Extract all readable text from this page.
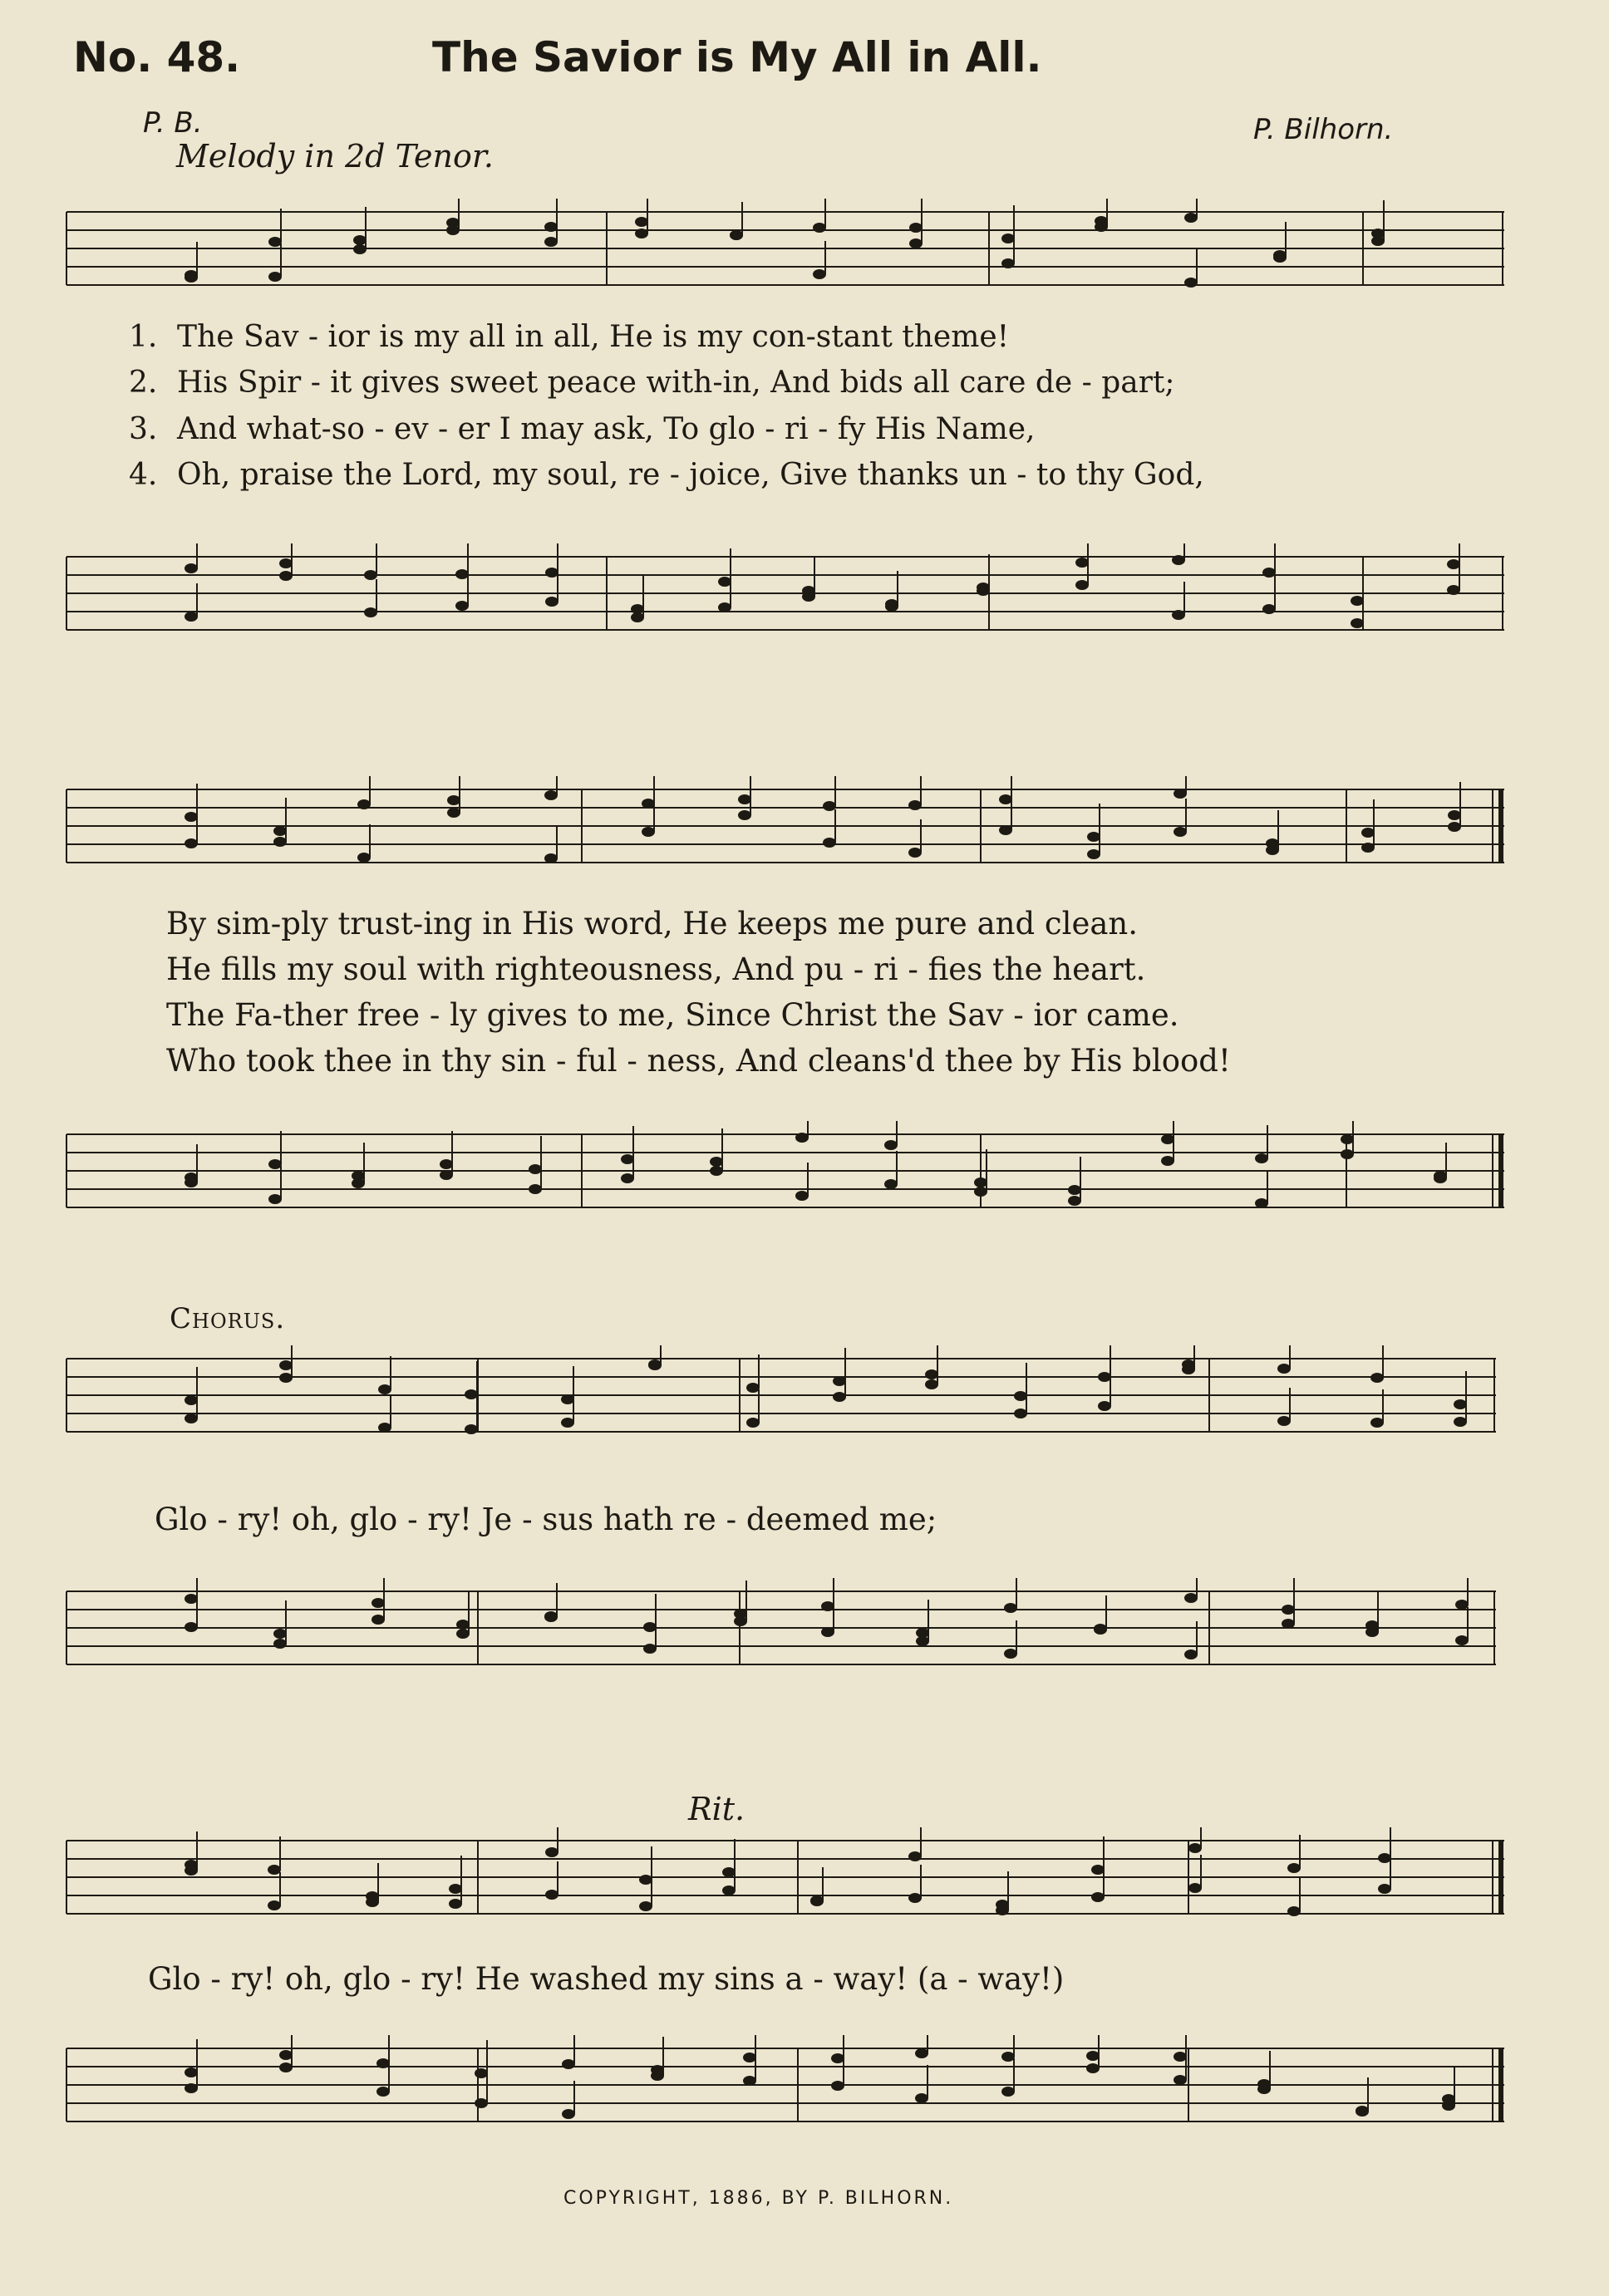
No. 48.	The Savior is My All in All.
P. B.	P. Bilhorn.
Melody in 2d Tenor.
1. The Sav - ior is my all in all, He is my con-stant theme!
2. His Spir - it gives sweet peace with-in, And bids all care de - part;
3. And what-so - ev - er I may ask, To glo - ri - fy His Name,
4. Oh, praise the Lord, my soul, re - joice, Give thanks un - to thy God,
By sim-ply trust-ing in His word, He keeps me pure and clean.
He fills my soul with righteousness, And pu - ri - fies the heart.
The Fa-ther free - ly gives to me, Since Christ the Sav - ior came.
Who took thee in thy sin - ful - ness, And cleans'd thee by His blood!
Chorus.
Glo - ry! oh, glo - ry! Je - sus hath re - deemed me;
Rit.
Glo - ry! oh, glo - ry! He washed my sins a - way! (a - way!)
COPYRIGHT, 1886, BY P. BILHORN.
